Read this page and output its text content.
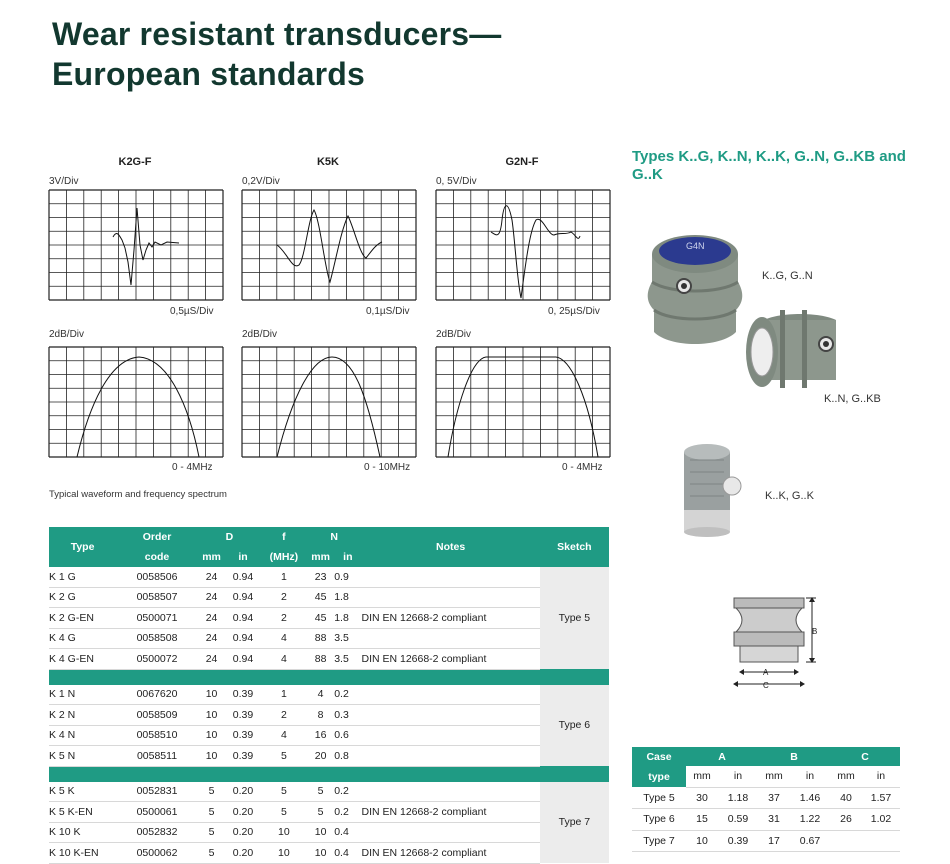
Wear resistant transducers—
European standards
K2G-F	K5K	G2N-F
3V/Div	0,2V/Div	0, 5V/Div
0,5µS/Div	0,1µS/Div	0, 25µS/Div
2dB/Div	2dB/Div	2dB/Div
0 - 4MHz	0 - 10MHz	0 - 4MHz
Typical waveform and frequency spectrum
Types K..G, K..N, K..K, G..N, G..KB and G..K
G4N
K..G, G..N
K..N, G..KB
K..K, G..K
B
A
C
Type	Order	D		f	N		Notes	Sketch
	code	mm	in	(MHz)	mm	in		
K 1 G	0058506	24	0.94	1	23	0.9		Type 5
K 2 G	0058507	24	0.94	2	45	1.8		
K 2 G-EN	0500071	24	0.94	2	45	1.8	DIN EN 12668-2 compliant	
K 4 G	0058508	24	0.94	4	88	3.5		
K 4 G-EN	0500072	24	0.94	4	88	3.5	DIN EN 12668-2 compliant	

K 1 N	0067620	10	0.39	1	4	0.2		Type 6
K 2 N	0058509	10	0.39	2	8	0.3		
K 4 N	0058510	10	0.39	4	16	0.6		
K 5 N	0058511	10	0.39	5	20	0.8		

K 5 K	0052831	5	0.20	5	5	0.2		Type 7
K 5 K-EN	0500061	5	0.20	5	5	0.2	DIN EN 12668-2 compliant	
K 10 K	0052832	5	0.20	10	10	0.4		
K 10 K-EN	0500062	5	0.20	10	10	0.4	DIN EN 12668-2 compliant	
Case	A		B		C	
type	mm	in	mm	in	mm	in
Type 5	30	1.18	37	1.46	40	1.57
Type 6	15	0.59	31	1.22	26	1.02
Type 7	10	0.39	17	0.67		
